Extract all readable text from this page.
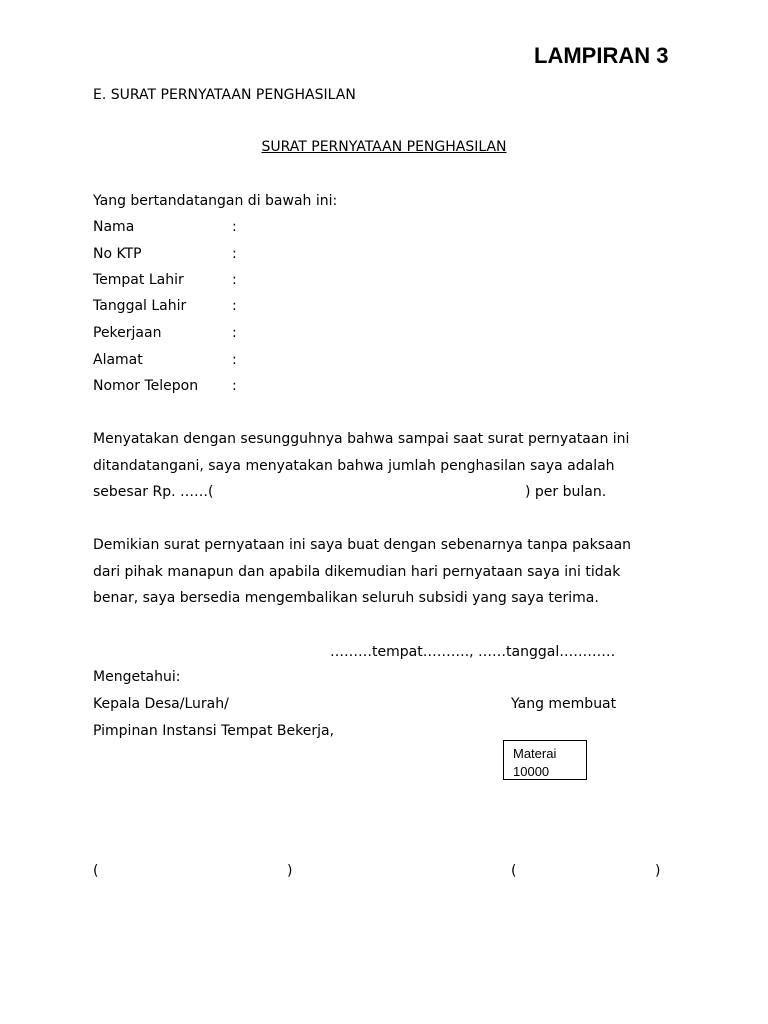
LAMPIRAN 3
E. SURAT PERNYATAAN PENGHASILAN
SURAT PERNYATAAN PENGHASILAN
Yang bertandatangan di bawah ini:
Nama	:
No KTP	:
Tempat Lahir	:
Tanggal Lahir	:
Pekerjaan	:
Alamat	:
Nomor Telepon :
Menyatakan dengan sesungguhnya bahwa sampai saat surat pernyataan ini
ditandatangani, saya menyatakan bahwa jumlah penghasilan saya adalah
sebesar Rp. ……(	) per bulan.
Demikian surat pernyataan ini saya buat dengan sebenarnya tanpa paksaan
dari pihak manapun dan apabila dikemudian hari pernyataan saya ini tidak
benar, saya bersedia mengembalikan seluruh subsidi yang saya terima.
………tempat………., ……tanggal…………
Mengetahui:
Kepala Desa/Lurah/	Yang membuat
Pimpinan Instansi Tempat Bekerja,
Materai
10000
(	)	(	)
